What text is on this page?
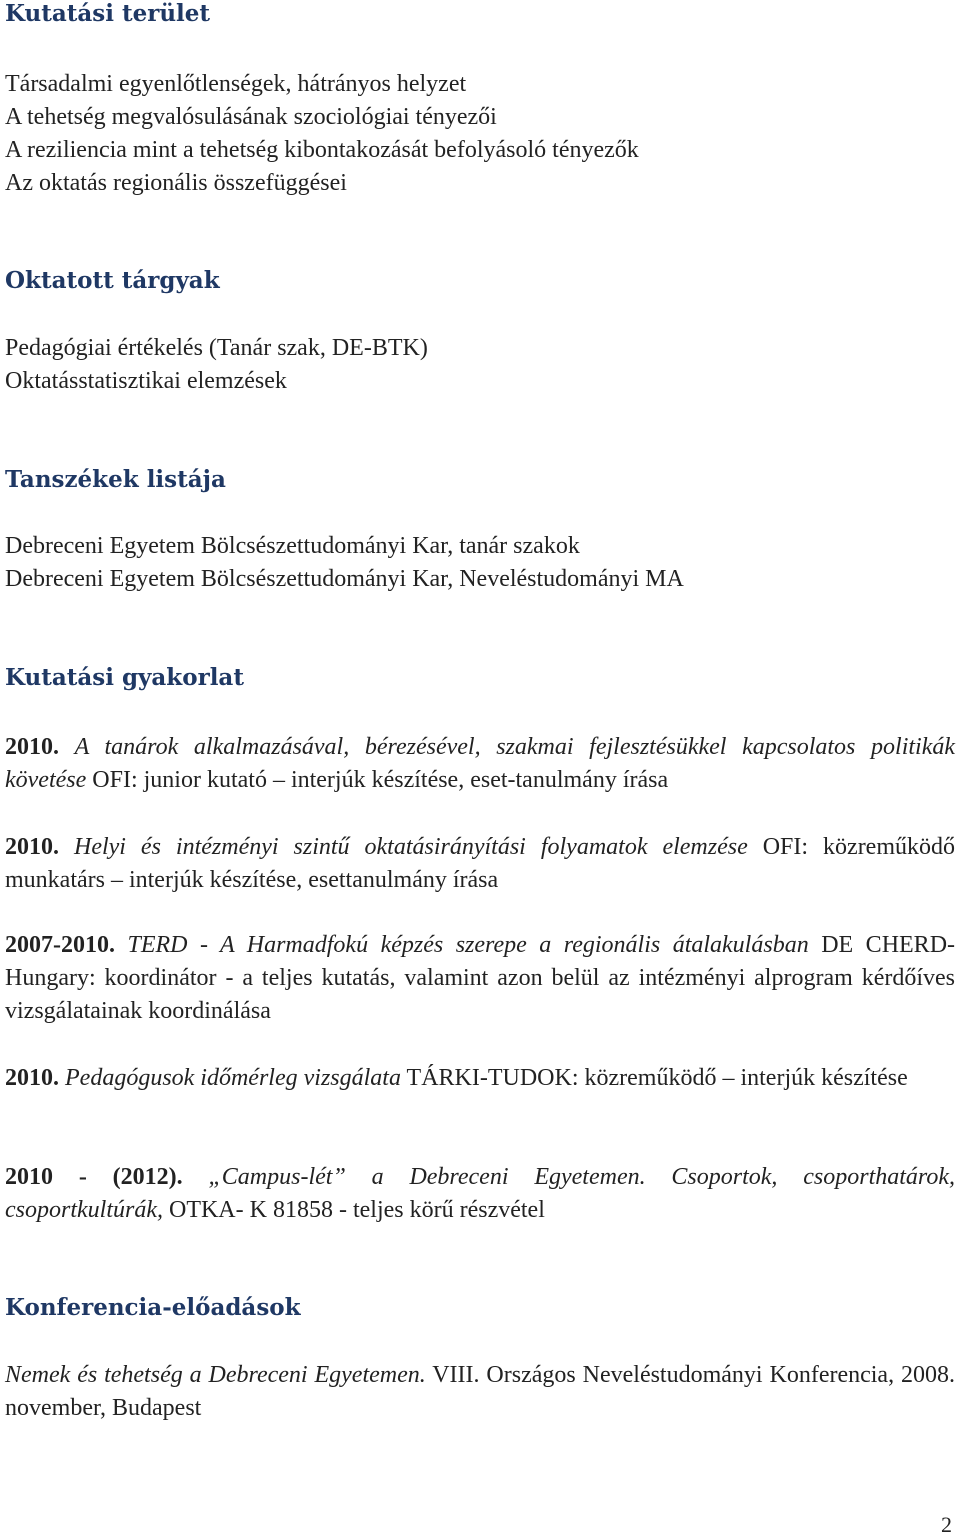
Kutatási terület
Társadalmi egyenlőtlenségek, hátrányos helyzet
A tehetség megvalósulásának szociológiai tényezői
A reziliencia mint a tehetség kibontakozását befolyásoló tényezők
Az oktatás regionális összefüggései
Oktatott tárgyak
Pedagógiai értékelés (Tanár szak, DE-BTK)
Oktatásstatisztikai elemzések
Tanszékek listája
Debreceni Egyetem Bölcsészettudományi Kar, tanár szakok
Debreceni Egyetem Bölcsészettudományi Kar, Neveléstudományi MA
Kutatási gyakorlat

2010. A tanárok alkalmazásával, bérezésével, szakmai fejlesztésükkel kapcsolatos politikák követése OFI: junior kutató – interjúk készítése, eset-tanulmány írása

2010. Helyi és intézményi szintű oktatásirányítási folyamatok elemzése OFI: közreműködő munkatárs – interjúk készítése, esettanulmány írása

2007-2010. TERD - A Harmadfokú képzés szerepe a regionális átalakulásban DE CHERD-Hungary: koordinátor - a teljes kutatás, valamint azon belül az intézményi alprogram kérdőíves vizsgálatainak koordinálása

2010. Pedagógusok időmérleg vizsgálata TÁRKI-TUDOK: közreműködő – interjúk készítése

2010 - (2012). „Campus-lét” a Debreceni Egyetemen. Csoportok, csoporthatárok, csoportkultúrák, OTKA- K 81858 - teljes körű részvétel

Konferencia-előadások

Nemek és tehetség a Debreceni Egyetemen. VIII. Országos Neveléstudományi Konferencia, 2008. november, Budapest

2
